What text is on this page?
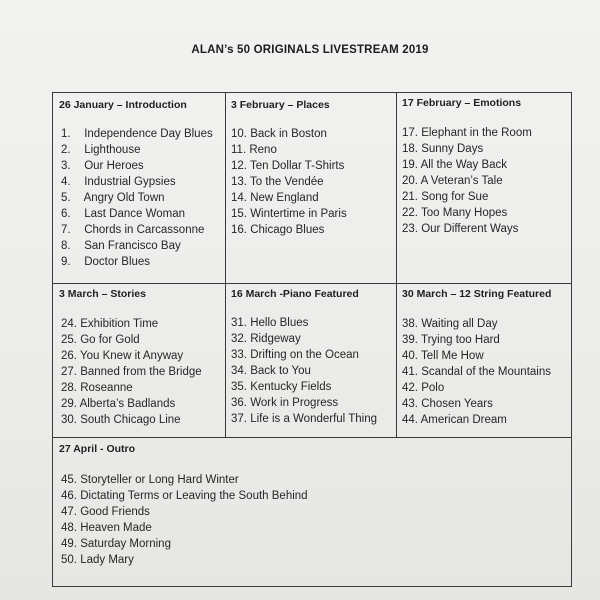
ALAN’s 50 ORIGINALS LIVESTREAM 2019
26 January – Introduction
1. Independence Day Blues
2. Lighthouse
3. Our Heroes
4. Industrial Gypsies
5. Angry Old Town
6. Last Dance Woman
7. Chords in Carcassonne
8. San Francisco Bay
9. Doctor Blues
3 February – Places
10. Back in Boston
11. Reno
12. Ten Dollar T-Shirts
13. To the Vendée
14. New England
15. Wintertime in Paris
16. Chicago Blues
17 February – Emotions
17. Elephant in the Room
18. Sunny Days
19. All the Way Back
20. A Veteran’s Tale
21. Song for Sue
22. Too Many Hopes
23. Our Different Ways
3 March – Stories
24. Exhibition Time
25. Go for Gold
26. You Knew it Anyway
27. Banned from the Bridge
28. Roseanne
29. Alberta’s Badlands
30. South Chicago Line
16 March -Piano Featured
31. Hello Blues
32. Ridgeway
33. Drifting on the Ocean
34. Back to You
35. Kentucky Fields
36. Work in Progress
37. Life is a Wonderful Thing
30 March – 12 String Featured
38. Waiting all Day
39. Trying too Hard
40. Tell Me How
41. Scandal of the Mountains
42. Polo
43. Chosen Years
44. American Dream
27 April - Outro
45. Storyteller or Long Hard Winter
46. Dictating Terms or Leaving the South Behind
47. Good Friends
48. Heaven Made
49. Saturday Morning
50. Lady Mary
